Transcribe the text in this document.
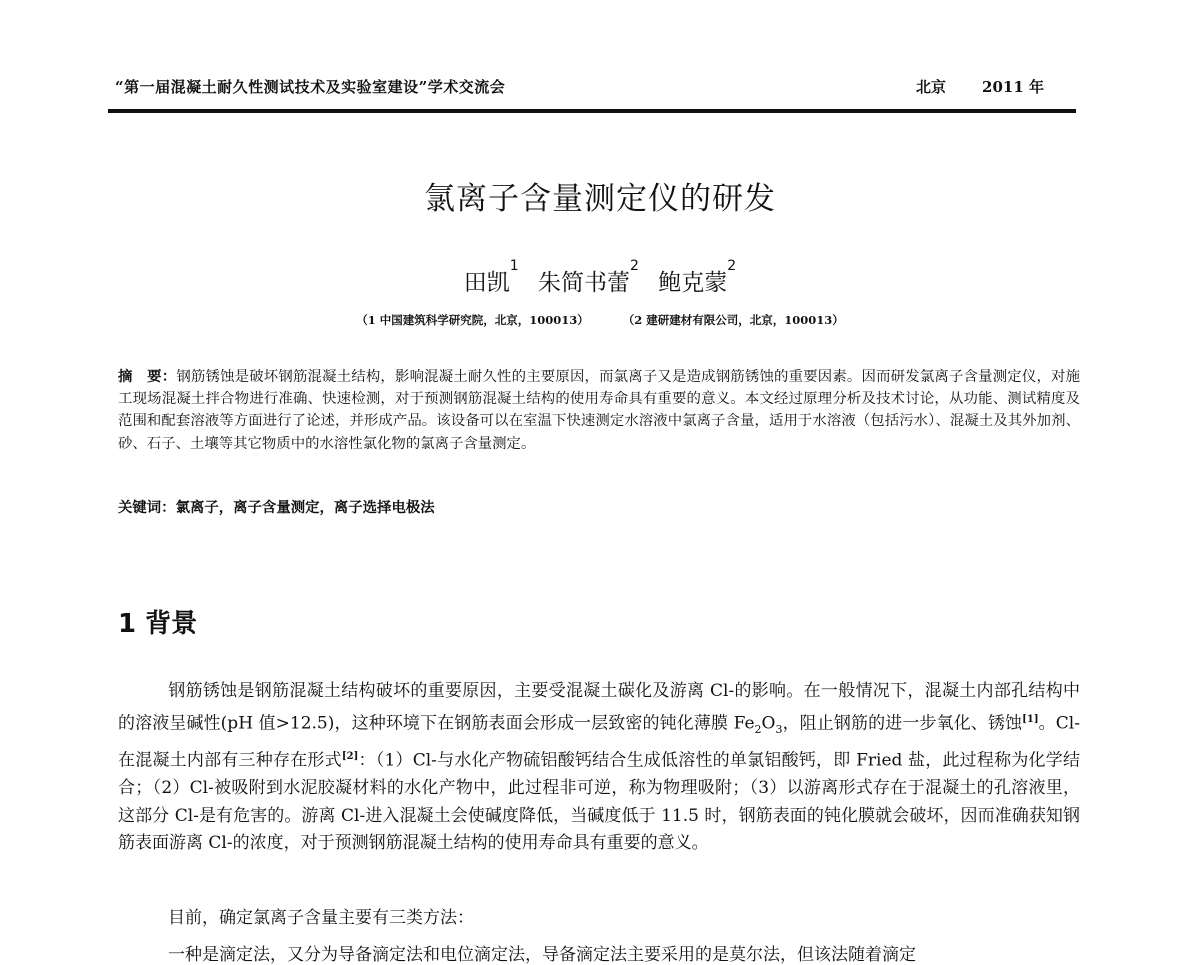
“第一届混凝土耐久性测试技术及实验室建设”学术交流会	北京 2011 年
氯离子含量测定仪的研发
田凯$^1$ 朱简书蕾$^2$ 鲍克蒙$^2$
（1 中国建筑科学研究院，北京，100013）	（2 建研建材有限公司，北京，100013）
摘　要：钢筋锈蚀是破坏钢筋混凝土结构，影响混凝土耐久性的主要原因，而氯离子又是造成钢筋锈蚀的重要因素。因而研发氯离子含量测定仪，对施工现场混凝土拌合物进行准确、快速检测，对于预测钢筋混凝土结构的使用寿命具有重要的意义。本文经过原理分析及技术讨论，从功能、测试精度及范围和配套溶液等方面进行了论述，并形成产品。该设备可以在室温下快速测定水溶液中氯离子含量，适用于水溶液（包括污水）、混凝土及其外加剂、砂、石子、土壤等其它物质中的水溶性氯化物的氯离子含量测定。
关键词：氯离子，离子含量测定，离子选择电极法
1 背景
钢筋锈蚀是钢筋混凝土结构破坏的重要原因，主要受混凝土碳化及游离 Cl-的影响。在一般情况下，混凝土内部孔结构中的溶液呈碱性(pH 值>12.5)，这种环境下在钢筋表面会形成一层致密的钝化薄膜 $Fe_2O_3$，阻止钢筋的进一步氧化、锈蚀[1]。Cl-在混凝土内部有三种存在形式[2]：（1）Cl-与水化产物硫铝酸钙结合生成低溶性的单氯铝酸钙，即 Fried 盐，此过程称为化学结合；（2）Cl-被吸附到水泥胶凝材料的水化产物中，此过程非可逆，称为物理吸附；（3）以游离形式存在于混凝土的孔溶液里，这部分 Cl-是有危害的。游离 Cl-进入混凝土会使碱度降低，当碱度低于 11.5 时，钢筋表面的钝化膜就会破坏，因而准确获知钢筋表面游离 Cl-的浓度，对于预测钢筋混凝土结构的使用寿命具有重要的意义。
目前，确定氯离子含量主要有三类方法：
一种是滴定法，又分为导备滴定法和电位滴定法，导备滴定法主要采用的是莫尔法，但该法随着滴定
